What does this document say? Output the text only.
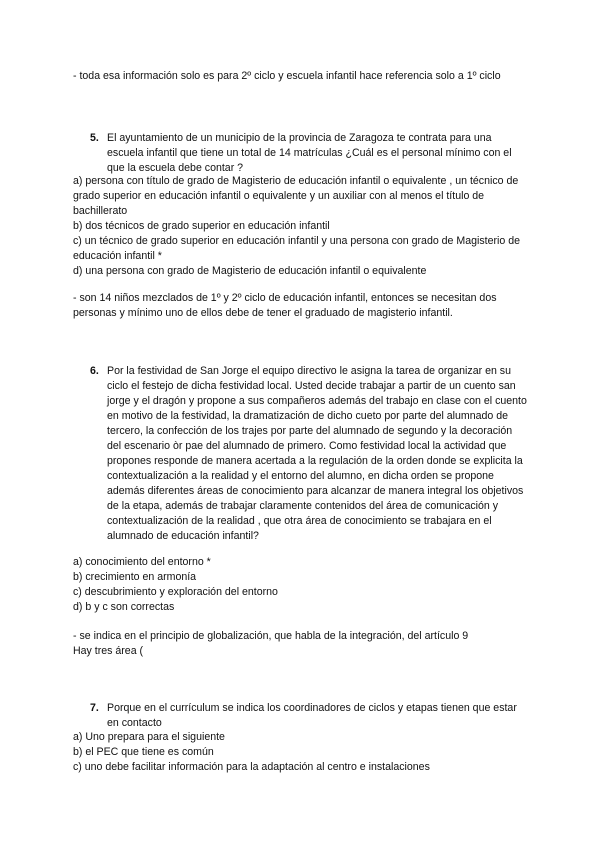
- toda esa información solo es para 2º ciclo y escuela infantil hace referencia solo a 1º ciclo

5. El ayuntamiento de un municipio de la provincia de Zaragoza te contrata para una escuela infantil que tiene un total de 14 matrículas ¿Cuál es el personal mínimo con el que la escuela debe contar ?

a) persona con título de grado de Magisterio de educación infantil o equivalente , un técnico de grado superior en educación infantil o equivalente y un auxiliar con al menos el título de bachillerato

b) dos técnicos de grado superior en educación infantil

c) un técnico de grado superior en educación infantil y una persona con grado de Magisterio de educación infantil *

d) una persona con grado de Magisterio de educación infantil o equivalente

- son 14 niños mezclados de 1º y 2º ciclo de educación infantil, entonces se necesitan dos personas y mínimo uno de ellos debe de tener el graduado de magisterio infantil.

6. Por la festividad de San Jorge el equipo directivo le asigna la tarea de organizar en su ciclo el festejo de dicha festividad local. Usted decide trabajar a partir de un cuento san jorge y el dragón y propone a sus compañeros además del trabajo en clase con el cuento en motivo de la festividad, la dramatización de dicho cueto por parte del alumnado de tercero, la confección de los trajes por parte del alumnado de segundo y la decoración del escenario òr pae del alumnado de primero. Como festividad local la actividad que propones responde de manera acertada a la regulación de la orden donde se explicita la contextualización a la realidad y el entorno del alumno, en dicha orden se propone además diferentes áreas de conocimiento para alcanzar de manera integral los objetivos de la etapa, además de trabajar claramente contenidos del área de comunicación y contextualización de la realidad , que otra área de conocimiento se trabajara en el alumnado de educación infantil?

a) conocimiento del entorno *

b) crecimiento en armonía

c) descubrimiento y exploración del entorno

d) b y c son correctas

- se indica en el principio de globalización, que habla de la integración, del artículo 9

Hay tres área (

7. Porque en el currículum se indica los coordinadores de ciclos y etapas tienen que estar en contacto

a) Uno prepara para el siguiente

b) el PEC que tiene es común

c) uno debe facilitar información para la adaptación al centro e instalaciones
